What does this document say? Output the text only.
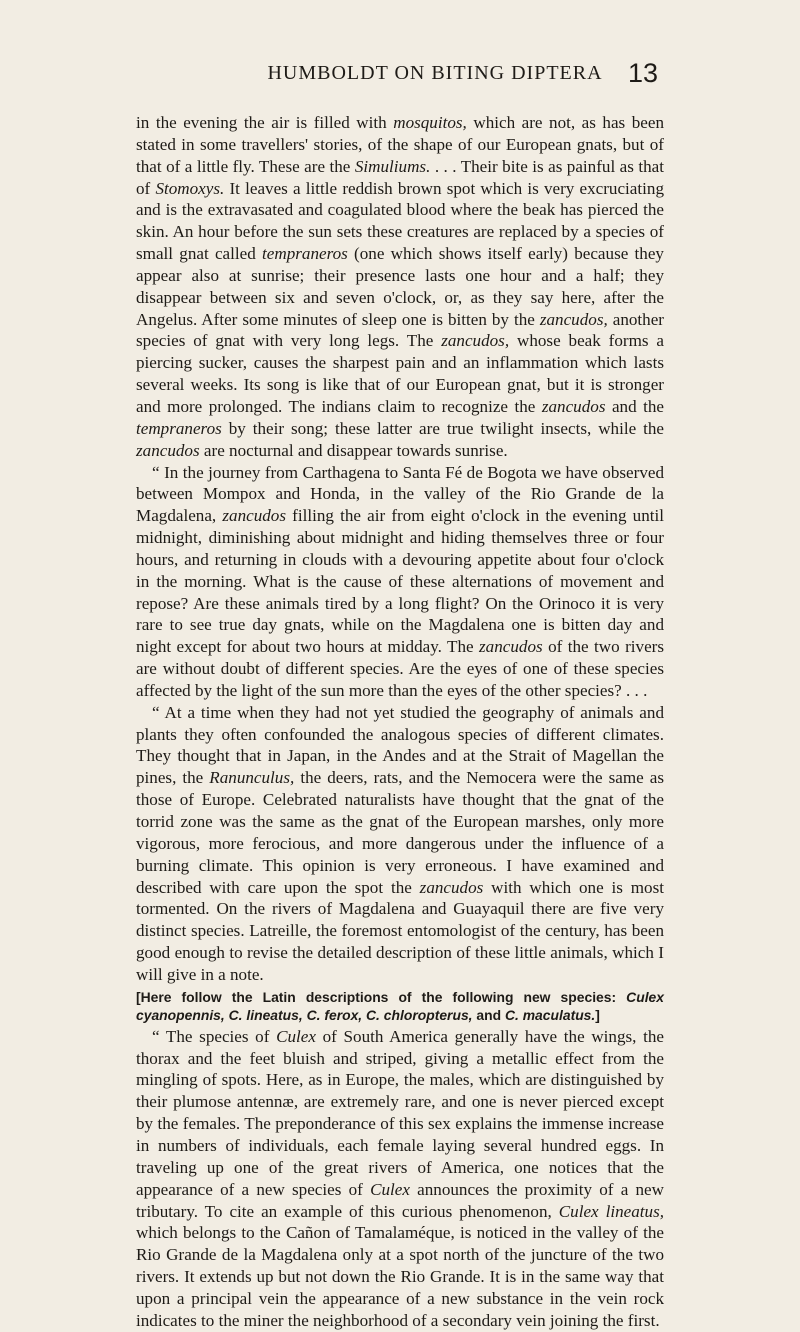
HUMBOLDT ON BITING DIPTERA 13

in the evening the air is filled with mosquitos, which are not, as has been stated in some travellers' stories, of the shape of our European gnats, but of that of a little fly. These are the Simuliums. . . . Their bite is as painful as that of Stomoxys. It leaves a little reddish brown spot which is very excruciating and is the extravasated and coagulated blood where the beak has pierced the skin. An hour before the sun sets these creatures are replaced by a species of small gnat called tempraneros (one which shows itself early) because they appear also at sunrise; their presence lasts one hour and a half; they disappear between six and seven o'clock, or, as they say here, after the Angelus. After some minutes of sleep one is bitten by the zancudos, another species of gnat with very long legs. The zancudos, whose beak forms a piercing sucker, causes the sharpest pain and an inflammation which lasts several weeks. Its song is like that of our European gnat, but it is stronger and more prolonged. The indians claim to recognize the zancudos and the tempraneros by their song; these latter are true twilight insects, while the zancudos are nocturnal and disappear towards sunrise.

“ In the journey from Carthagena to Santa Fé de Bogota we have observed between Mompox and Honda, in the valley of the Rio Grande de la Magdalena, zancudos filling the air from eight o'clock in the evening until midnight, diminishing about midnight and hiding themselves three or four hours, and returning in clouds with a devouring appetite about four o'clock in the morning. What is the cause of these alternations of movement and repose? Are these animals tired by a long flight? On the Orinoco it is very rare to see true day gnats, while on the Magdalena one is bitten day and night except for about two hours at midday. The zancudos of the two rivers are without doubt of different species. Are the eyes of one of these species affected by the light of the sun more than the eyes of the other species? . . .

“ At a time when they had not yet studied the geography of animals and plants they often confounded the analogous species of different climates. They thought that in Japan, in the Andes and at the Strait of Magellan the pines, the Ranunculus, the deers, rats, and the Nemocera were the same as those of Europe. Celebrated naturalists have thought that the gnat of the torrid zone was the same as the gnat of the European marshes, only more vigorous, more ferocious, and more dangerous under the influence of a burning climate. This opinion is very erroneous. I have examined and described with care upon the spot the zancudos with which one is most tormented. On the rivers of Magdalena and Guayaquil there are five very distinct species. Latreille, the foremost entomologist of the century, has been good enough to revise the detailed description of these little animals, which I will give in a note.

[Here follow the Latin descriptions of the following new species: Culex cyanopennis, C. lineatus, C. ferox, C. chloropterus, and C. maculatus.]

“ The species of Culex of South America generally have the wings, the thorax and the feet bluish and striped, giving a metallic effect from the mingling of spots. Here, as in Europe, the males, which are distinguished by their plumose antennæ, are extremely rare, and one is never pierced except by the females. The preponderance of this sex explains the immense increase in numbers of individuals, each female laying several hundred eggs. In traveling up one of the great rivers of America, one notices that the appearance of a new species of Culex announces the proximity of a new tributary. To cite an example of this curious phenomenon, Culex lineatus, which belongs to the Cañon of Tamalaméque, is noticed in the valley of the Rio Grande de la Magdalena only at a spot north of the juncture of the two rivers. It extends up but not down the Rio Grande. It is in the same way that upon a principal vein the appearance of a new substance in the vein rock indicates to the miner the neighborhood of a secondary vein joining the first.
